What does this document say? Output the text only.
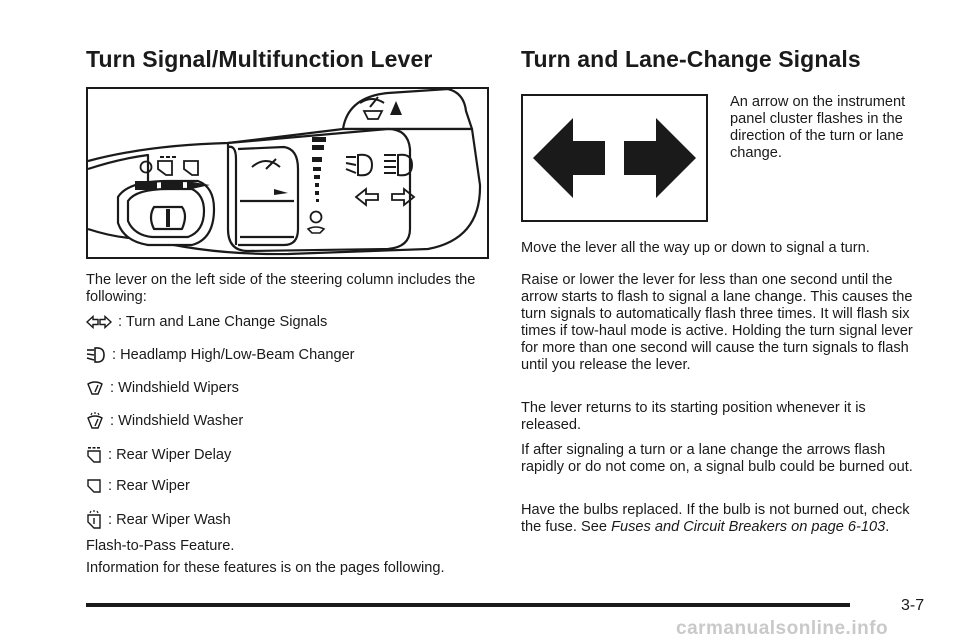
Turn Signal/Multifunction Lever

The lever on the left side of the steering column includes the following:

: Turn and Lane Change Signals
: Headlamp High/Low-Beam Changer
: Windshield Wipers
: Windshield Washer
: Rear Wiper Delay
: Rear Wiper
: Rear Wiper Wash

Flash-to-Pass Feature.

Information for these features is on the pages following.

Turn and Lane-Change Signals

An arrow on the instrument panel cluster flashes in the direction of the turn or lane change.

Move the lever all the way up or down to signal a turn.

Raise or lower the lever for less than one second until the arrow starts to flash to signal a lane change. This causes the turn signals to automatically flash three times. It will flash six times if tow-haul mode is active. Holding the turn signal lever for more than one second will cause the turn signals to flash until you release the lever.

The lever returns to its starting position whenever it is released.

If after signaling a turn or a lane change the arrows flash rapidly or do not come on, a signal bulb could be burned out.

Have the bulbs replaced. If the bulb is not burned out, check the fuse. See Fuses and Circuit Breakers on page 6-103.

3-7
carmanualsonline.info
